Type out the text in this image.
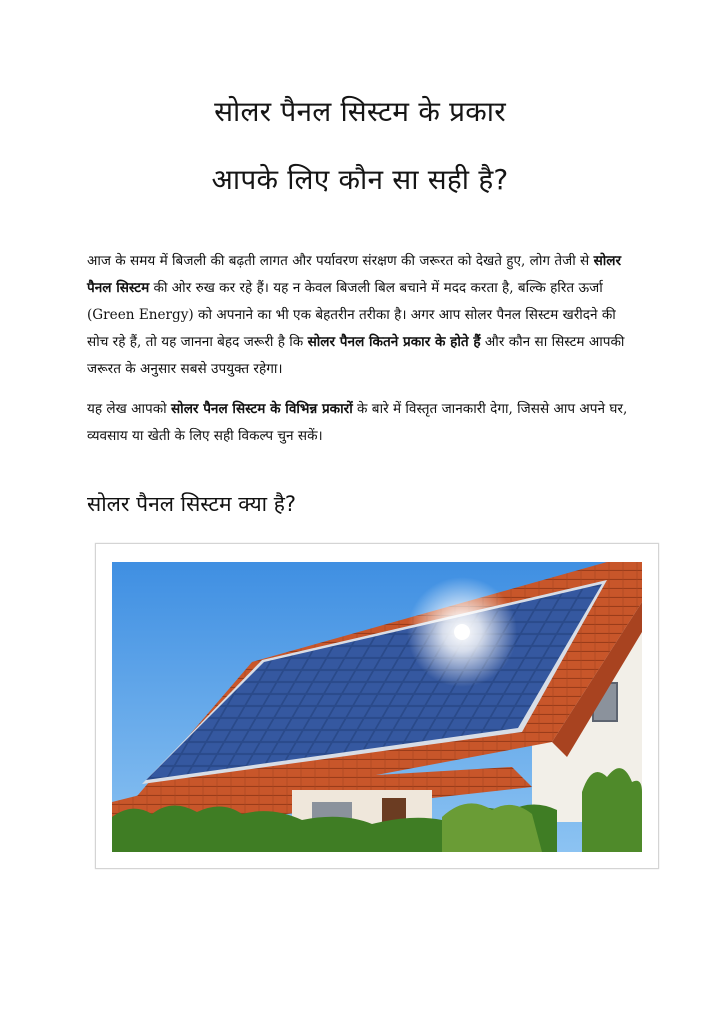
सोलर पैनल सिस्टम के प्रकार
आपके लिए कौन सा सही है?

आज के समय में बिजली की बढ़ती लागत और पर्यावरण संरक्षण की जरूरत को देखते हुए, लोग तेजी से सोलर पैनल सिस्टम की ओर रुख कर रहे हैं। यह न केवल बिजली बिल बचाने में मदद करता है, बल्कि हरित ऊर्जा (Green Energy) को अपनाने का भी एक बेहतरीन तरीका है। अगर आप सोलर पैनल सिस्टम खरीदने की सोच रहे हैं, तो यह जानना बेहद जरूरी है कि सोलर पैनल कितने प्रकार के होते हैं और कौन सा सिस्टम आपकी जरूरत के अनुसार सबसे उपयुक्त रहेगा।

यह लेख आपको सोलर पैनल सिस्टम के विभिन्न प्रकारों के बारे में विस्तृत जानकारी देगा, जिससे आप अपने घर, व्यवसाय या खेती के लिए सही विकल्प चुन सकें।

सोलर पैनल सिस्टम क्या है?
